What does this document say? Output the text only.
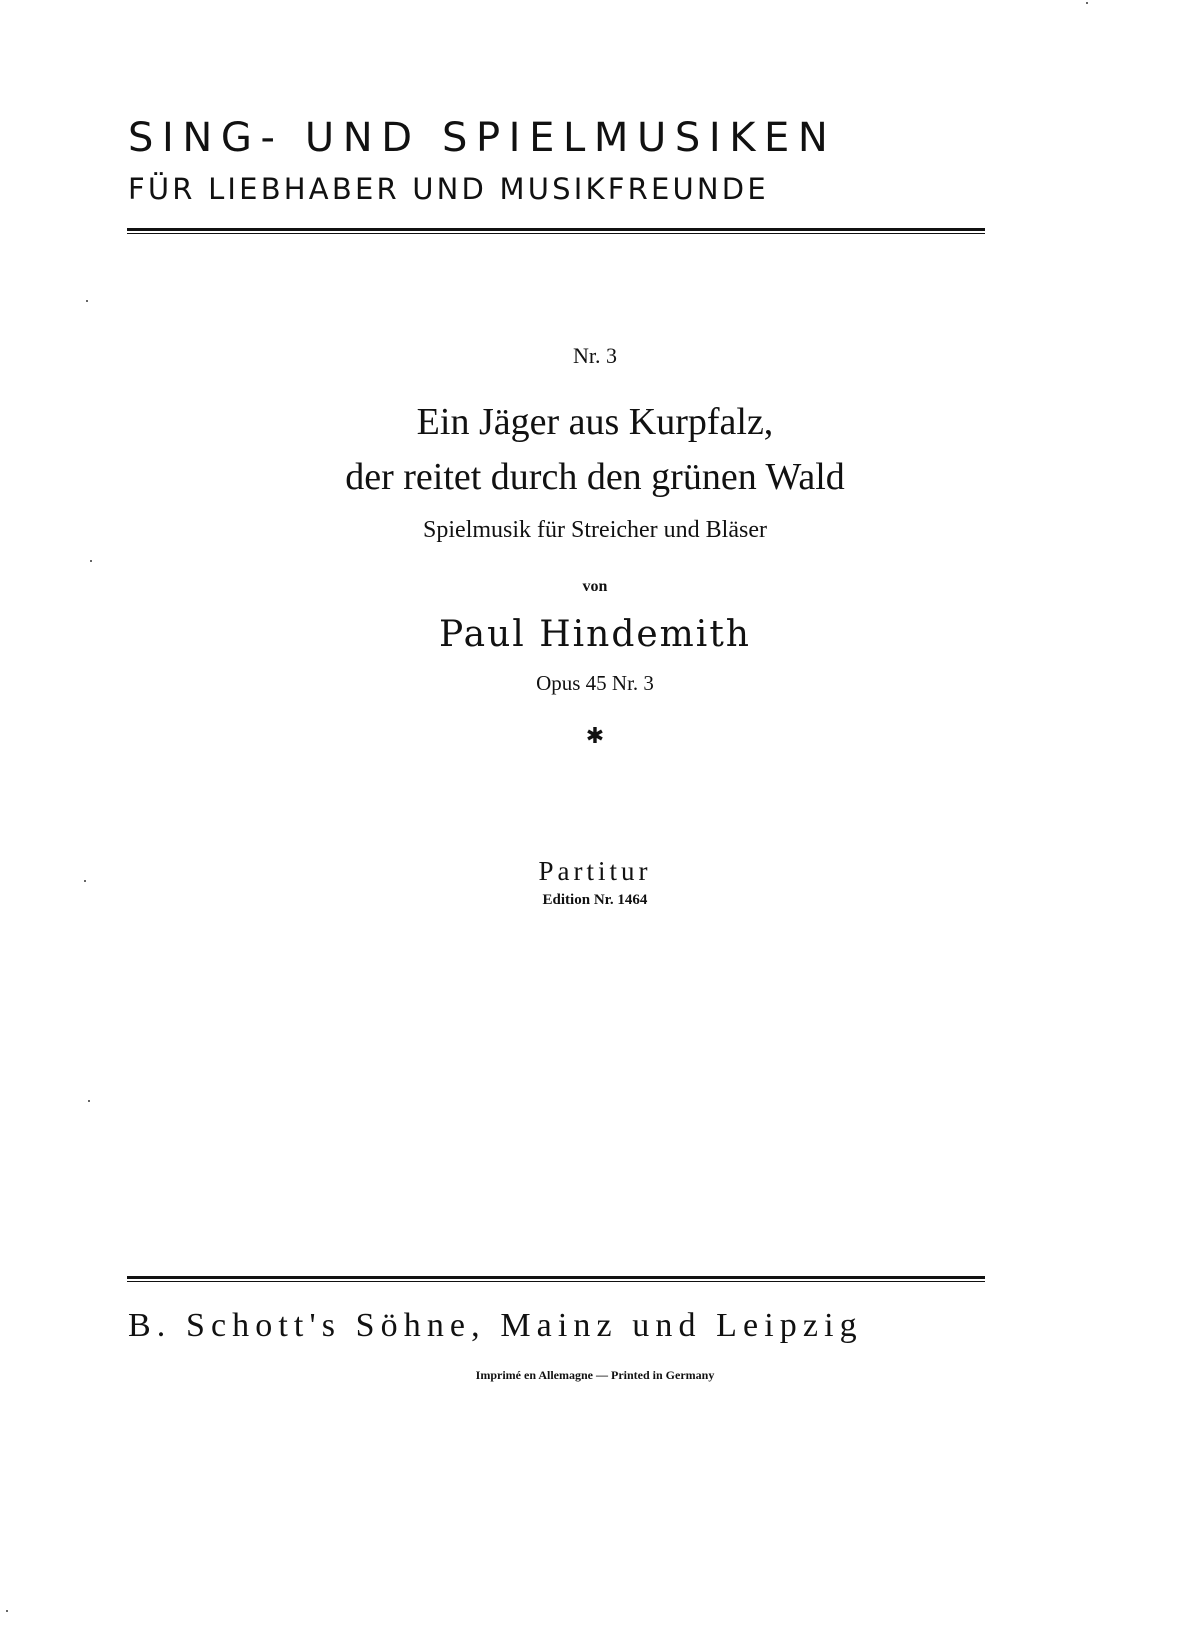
SING- UND SPIELMUSIKEN
FÜR LIEBHABER UND MUSIKFREUNDE
Nr. 3
Ein Jäger aus Kurpfalz,
der reitet durch den grünen Wald
Spielmusik für Streicher und Bläser
von
Paul Hindemith
Opus 45 Nr. 3
✱
Partitur
Edition Nr. 1464
B. Schott's Söhne, Mainz und Leipzig
Imprimé en Allemagne — Printed in Germany
